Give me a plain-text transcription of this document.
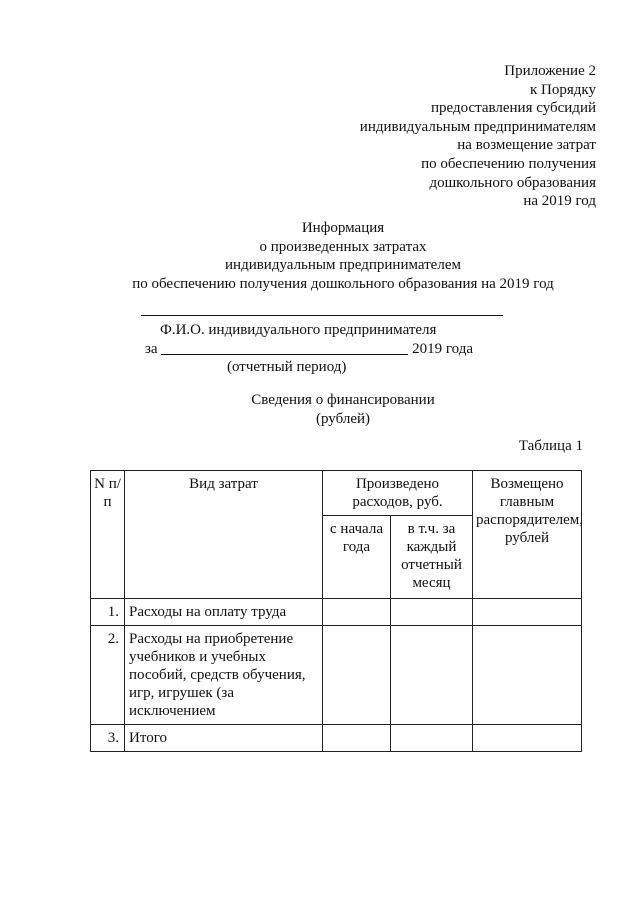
Приложение 2
к Порядку
предоставления субсидий
индивидуальным предпринимателям
на возмещение затрат
по обеспечению получения
дошкольного образования
на 2019 год
Информация
о произведенных затратах
индивидуальным предпринимателем
по обеспечению получения дошкольного образования на 2019 год
Ф.И.О. индивидуального предпринимателя
за	2019 года
(отчетный период)
Сведения о финансировании
(рублей)
Таблица 1
N п/п	Вид затрат	Произведено расходов, руб.		Возмещено главным распорядителем, рублей
		с начала года	в т.ч. за каждый отчетный месяц	
1.	Расходы на оплату труда			
2.	Расходы на приобретение учебников и учебных пособий, средств обучения, игр, игрушек (за исключением			
3.	Итого			
